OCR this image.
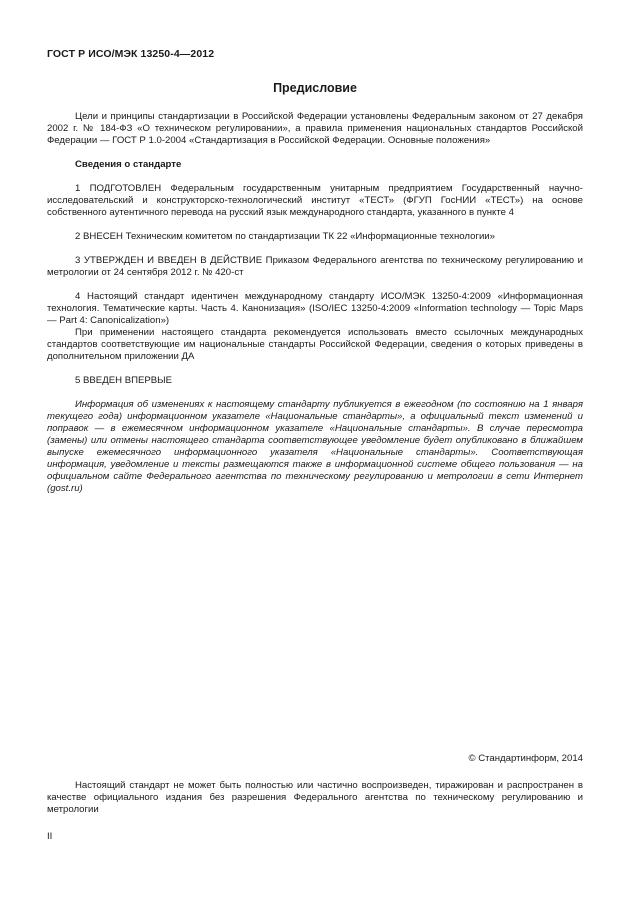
ГОСТ Р ИСО/МЭК 13250-4—2012
Предисловие

Цели и принципы стандартизации в Российской Федерации установлены Федеральным законом от 27 декабря 2002 г. № 184-ФЗ «О техническом регулировании», а правила применения национальных стандартов Российской Федерации — ГОСТ Р 1.0-2004 «Стандартизация в Российской Федерации. Основные положения»

Сведения о стандарте

1 ПОДГОТОВЛЕН Федеральным государственным унитарным предприятием Государственный научно-исследовательский и конструкторско-технологический институт «ТЕСТ» (ФГУП ГосНИИ «ТЕСТ») на основе собственного аутентичного перевода на русский язык международного стандарта, указанного в пункте 4

2 ВНЕСЕН Техническим комитетом по стандартизации ТК 22 «Информационные технологии»

3 УТВЕРЖДЕН И ВВЕДЕН В ДЕЙСТВИЕ Приказом Федерального агентства по техническому регулированию и метрологии от 24 сентября 2012 г. № 420-ст

4 Настоящий стандарт идентичен международному стандарту ИСО/МЭК 13250-4:2009 «Информационная технология. Тематические карты. Часть 4. Канонизация» (ISO/IEC 13250-4:2009 «Information technology — Topic Maps — Part 4: Canonicalization»)

При применении настоящего стандарта рекомендуется использовать вместо ссылочных международных стандартов соответствующие им национальные стандарты Российской Федерации, сведения о которых приведены в дополнительном приложении ДА

5 ВВЕДЕН ВПЕРВЫЕ

Информация об изменениях к настоящему стандарту публикуется в ежегодном (по состоянию на 1 января текущего года) информационном указателе «Национальные стандарты», а официальный текст изменений и поправок — в ежемесячном информационном указателе «Национальные стандарты». В случае пересмотра (замены) или отмены настоящего стандарта соответствующее уведомление будет опубликовано в ближайшем выпуске ежемесячного информационного указателя «Национальные стандарты». Соответствующая информация, уведомление и тексты размещаются также в информационной системе общего пользования — на официальном сайте Федерального агентства по техническому регулированию и метрологии в сети Интернет (gost.ru)

© Стандартинформ, 2014

Настоящий стандарт не может быть полностью или частично воспроизведен, тиражирован и распространен в качестве официального издания без разрешения Федерального агентства по техническому регулированию и метрологии

II
